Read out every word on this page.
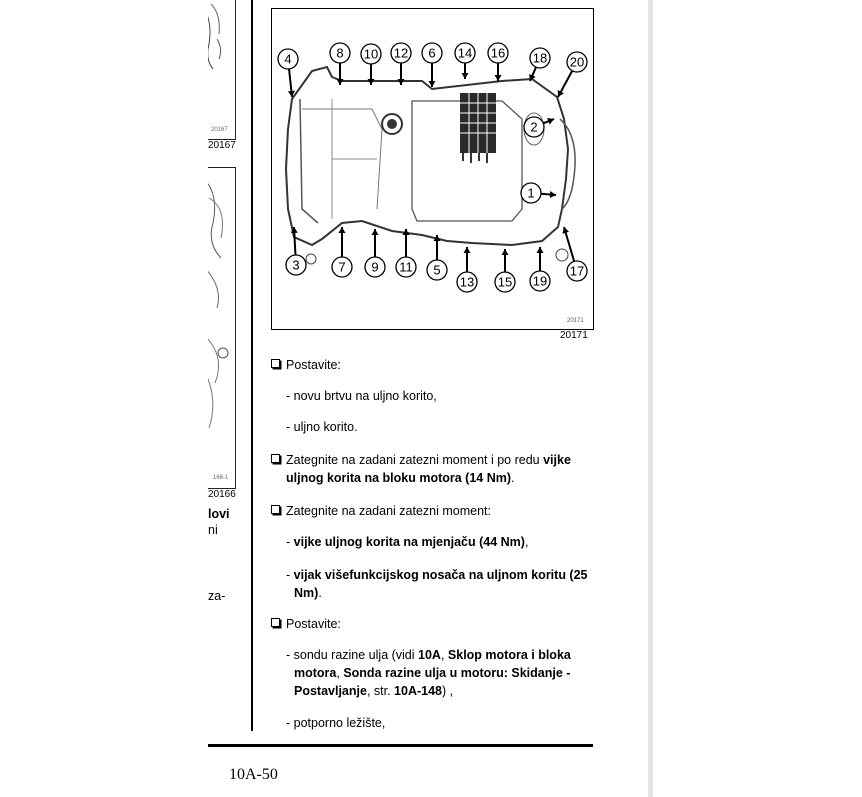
20167
20167
166-1
20166
lovi
ni
za-
4	8 10 12 6 14 16 18 20
2
1
3	7 9 11 5
13 15 19
17
20171
20171
Postavite:
- novu brtvu na uljno korito,
- uljno korito.
Zategnite na zadani zatezni moment i po redu vijke uljnog korita na bloku motora (14 Nm).
Zategnite na zadani zatezni moment:
- vijke uljnog korita na mjenjaču (44 Nm),
- vijak višefunkcijskog nosača na uljnom koritu (25 Nm).
Postavite:
- sondu razine ulja (vidi 10A, Sklop motora i bloka motora, Sonda razine ulja u motoru: Skidanje - Postavljanje, str. 10A-148) ,
- potporno ležište,
10A-50
